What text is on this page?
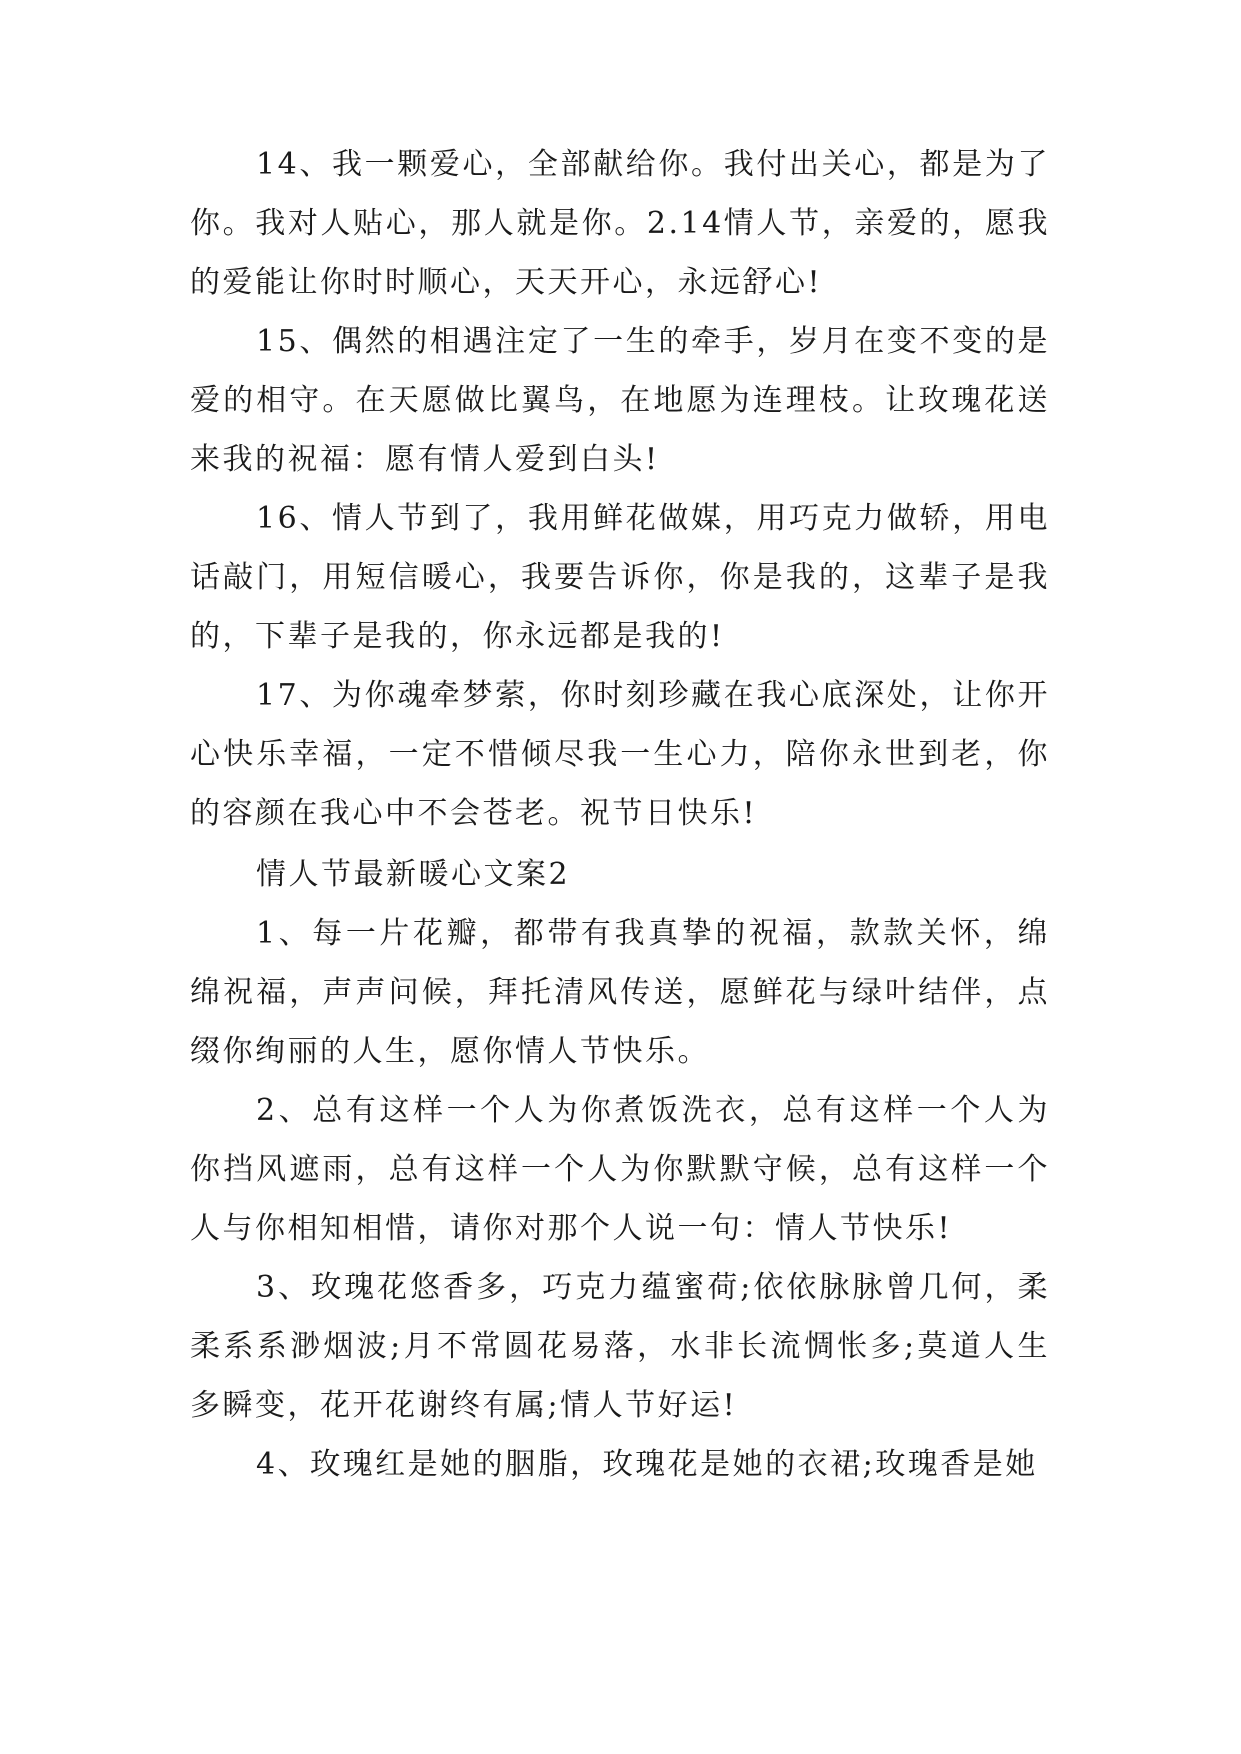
14、我一颗爱心，全部献给你。我付出关心，都是为了你。我对人贴心，那人就是你。2.14情人节，亲爱的，愿我的爱能让你时时顺心，天天开心，永远舒心!

15、偶然的相遇注定了一生的牵手，岁月在变不变的是爱的相守。在天愿做比翼鸟，在地愿为连理枝。让玫瑰花送来我的祝福：愿有情人爱到白头!

16、情人节到了，我用鲜花做媒，用巧克力做轿，用电话敲门，用短信暖心，我要告诉你，你是我的，这辈子是我的，下辈子是我的，你永远都是我的!

17、为你魂牵梦萦，你时刻珍藏在我心底深处，让你开心快乐幸福，一定不惜倾尽我一生心力，陪你永世到老，你的容颜在我心中不会苍老。祝节日快乐!

情人节最新暖心文案2

1、每一片花瓣，都带有我真挚的祝福，款款关怀，绵绵祝福，声声问候，拜托清风传送，愿鲜花与绿叶结伴，点缀你绚丽的人生，愿你情人节快乐。

2、总有这样一个人为你煮饭洗衣，总有这样一个人为你挡风遮雨，总有这样一个人为你默默守候，总有这样一个人与你相知相惜，请你对那个人说一句：情人节快乐!

3、玫瑰花悠香多，巧克力蕴蜜荷;依依脉脉曾几何，柔柔系系渺烟波;月不常圆花易落，水非长流惆怅多;莫道人生多瞬变，花开花谢终有属;情人节好运!

4、玫瑰红是她的胭脂，玫瑰花是她的衣裙;玫瑰香是她
